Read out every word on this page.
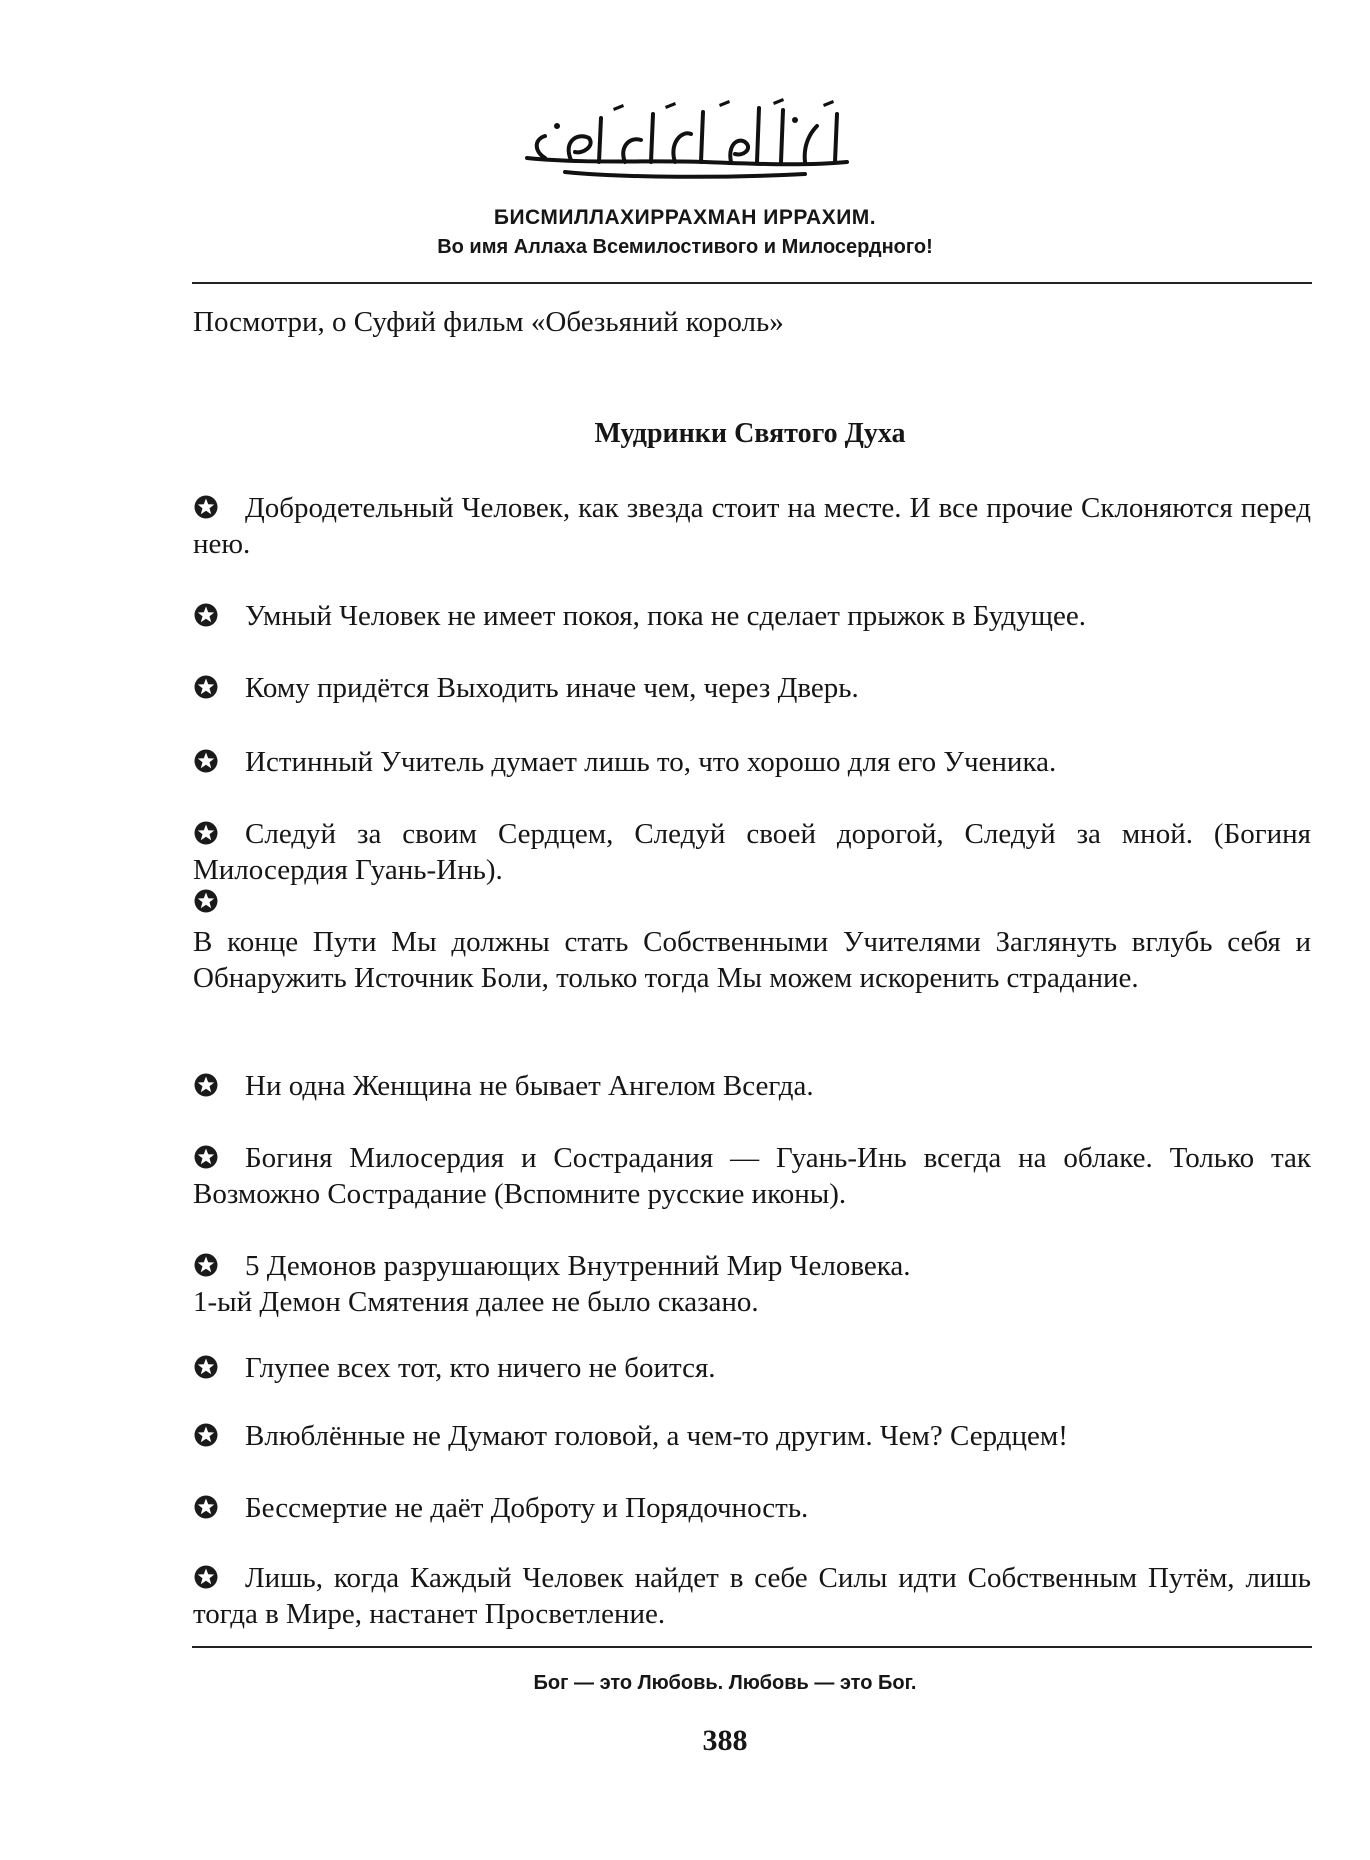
БИСМИЛЛАХИРРАХМАН ИРРАХИМ.
Во имя Аллаха Всемилостивого и Милосердного!
Посмотри, о Суфий фильм «Обезьяний король»
Мудринки Святого Духа
Добродетельный Человек, как звезда стоит на месте. И все прочие Склоняются перед нею.
Умный Человек не имеет покоя, пока не сделает прыжок в Будущее.
Кому придётся Выходить иначе чем, через Дверь.
Истинный Учитель думает лишь то, что хорошо для его Ученика.
Следуй за своим Сердцем, Следуй своей дорогой, Следуй за мной. (Богиня Милосердия Гуань-Инь).
В конце Пути Мы должны стать Собственными Учителями Заглянуть вглубь себя и Обнаружить Источник Боли, только тогда Мы можем искоренить страдание.
Ни одна Женщина не бывает Ангелом Всегда.
Богиня Милосердия и Сострадания — Гуань-Инь всегда на облаке. Только так Возможно Сострадание (Вспомните русские иконы).
5 Демонов разрушающих Внутренний Мир Человека.
1-ый Демон Смятения далее не было сказано.
Глупее всех тот, кто ничего не боится.
Влюблённые не Думают головой, а чем-то другим. Чем? Сердцем!
Бессмертие не даёт Доброту и Порядочность.
Лишь, когда Каждый Человек найдет в себе Силы идти Собственным Путём, лишь тогда в Мире, настанет Просветление.
Бог — это Любовь. Любовь — это Бог.
388
